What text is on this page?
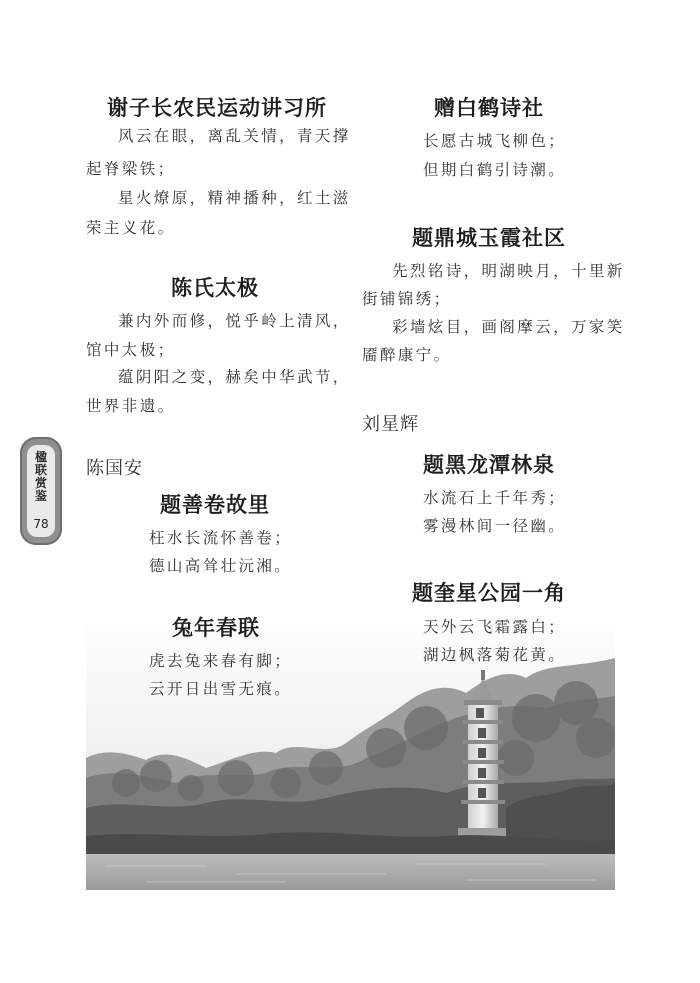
谢子长农民运动讲习所
风云在眼，离乱关情，青天撑
起脊梁铁；
星火燎原，精神播种，红土滋
荣主义花。
陈氏太极
兼内外而修，悦乎岭上清风，
馆中太极；
蕴阴阳之变，赫矣中华武节，
世界非遗。
陈国安
题善卷故里
枉水长流怀善卷；
德山高耸壮沅湘。
兔年春联
虎去兔来春有脚；
云开日出雪无痕。
赠白鹤诗社
长愿古城飞柳色；
但期白鹤引诗潮。
题鼎城玉霞社区
先烈铭诗，明湖映月，十里新
街铺锦绣；
彩墙炫目，画阁摩云，万家笑
靥醉康宁。
刘星辉
题黑龙潭林泉
水流石上千年秀；
雾漫林间一径幽。
题奎星公园一角
天外云飞霜露白；
湖边枫落菊花黄。
楹联赏鉴
78
